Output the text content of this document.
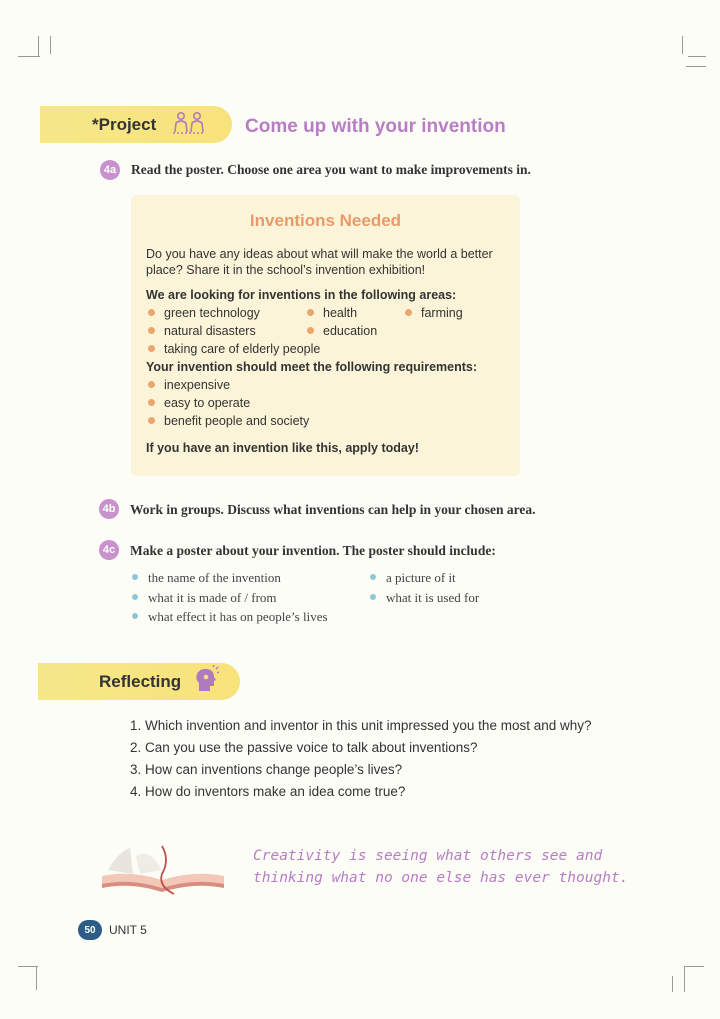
*Project	Come up with your invention
4a Read the poster. Choose one area you want to make improvements in.
Inventions Needed
Do you have any ideas about what will make the world a better place? Share it in the school’s invention exhibition!
We are looking for inventions in the following areas:
green technology	health	farming
natural disasters	education
taking care of elderly people
Your invention should meet the following requirements:
inexpensive
easy to operate
benefit people and society
If you have an invention like this, apply today!
4b Work in groups. Discuss what inventions can help in your chosen area.
4c Make a poster about your invention. The poster should include:
the name of the invention	a picture of it
what it is made of / from	what it is used for
what effect it has on people’s lives
Reflecting
1. Which invention and inventor in this unit impressed you the most and why?
2. Can you use the passive voice to talk about inventions?
3. How can inventions change people’s lives?
4. How do inventors make an idea come true?
Creativity is seeing what others see and
thinking what no one else has ever thought.
50	UNIT 5
